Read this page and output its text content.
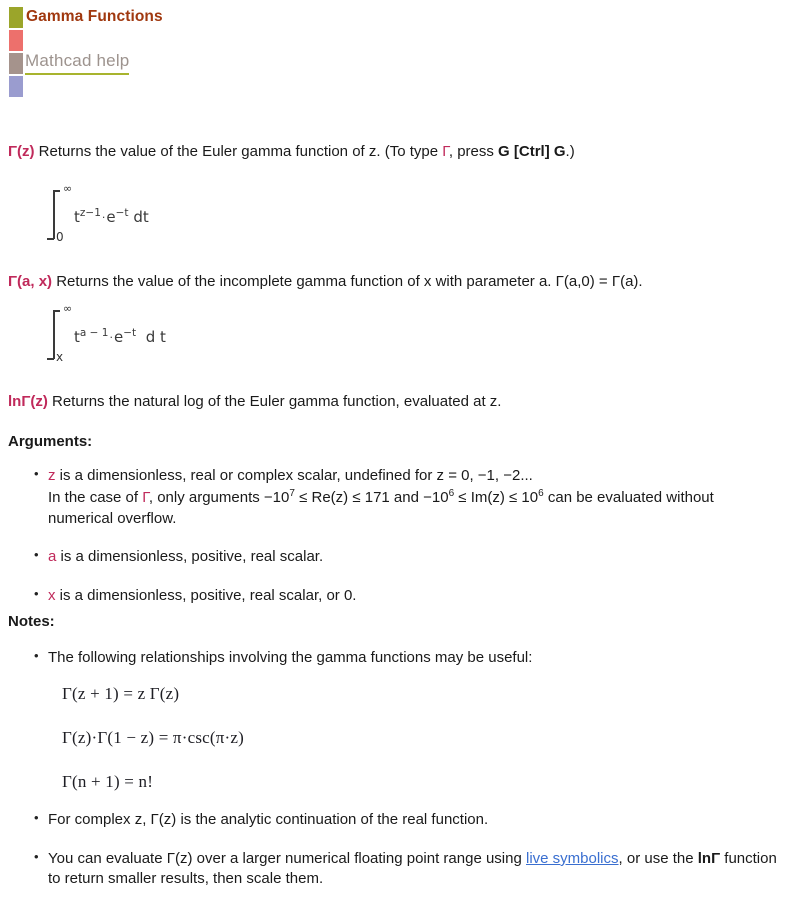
Gamma Functions
Mathcad help

Γ(z) Returns the value of the Euler gamma function of z. (To type Γ, press G [Ctrl] G.)

∞
0
$t^{z-1}\cdot e^{-t}$ dt

Γ(a, x) Returns the value of the incomplete gamma function of x with parameter a. Γ(a,0) = Γ(a).

∞
x
$t^{a - 1}\cdot e^{-t}$ d t

lnΓ(z) Returns the natural log of the Euler gamma function, evaluated at z.

Arguments:

• z is a dimensionless, real or complex scalar, undefined for z = 0, −1, −2...
In the case of Γ, only arguments $-10^7 \le Re(z) \le 171$ and $-10^6 \le Im(z) \le 10^6$ can be evaluated without numerical overflow.
• a is a dimensionless, positive, real scalar.
• x is a dimensionless, positive, real scalar, or 0.

Notes:

• The following relationships involving the gamma functions may be useful:
Γ(z + 1) = z Γ(z)
Γ(z)·Γ(1 − z) = π·csc(π·z)
Γ(n + 1) = n!
• For complex z, Γ(z) is the analytic continuation of the real function.
• You can evaluate Γ(z) over a larger numerical floating point range using live symbolics, or use the lnΓ function to return smaller results, then scale them.
